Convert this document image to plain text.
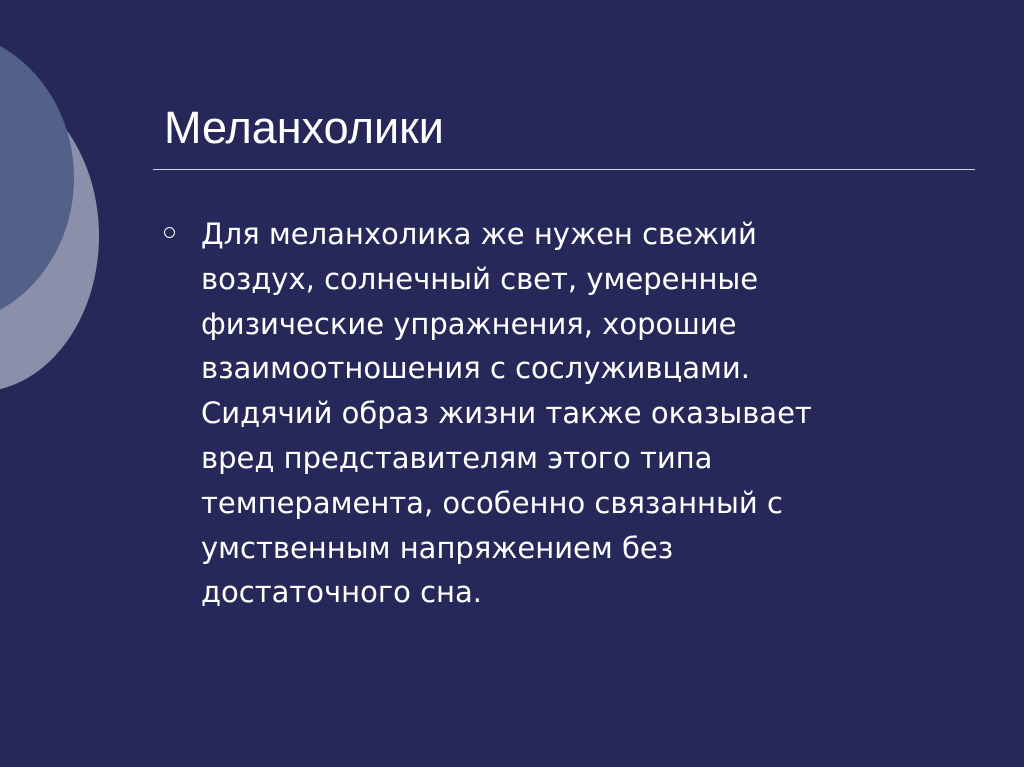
Меланхолики

Для меланхолика же нужен свежий
воздух, солнечный свет, умеренные
физические упражнения, хорошие
взаимоотношения с сослуживцами.
Сидячий образ жизни также оказывает
вред представителям этого типа
темперамента, особенно связанный с
умственным напряжением без
достаточного сна.
